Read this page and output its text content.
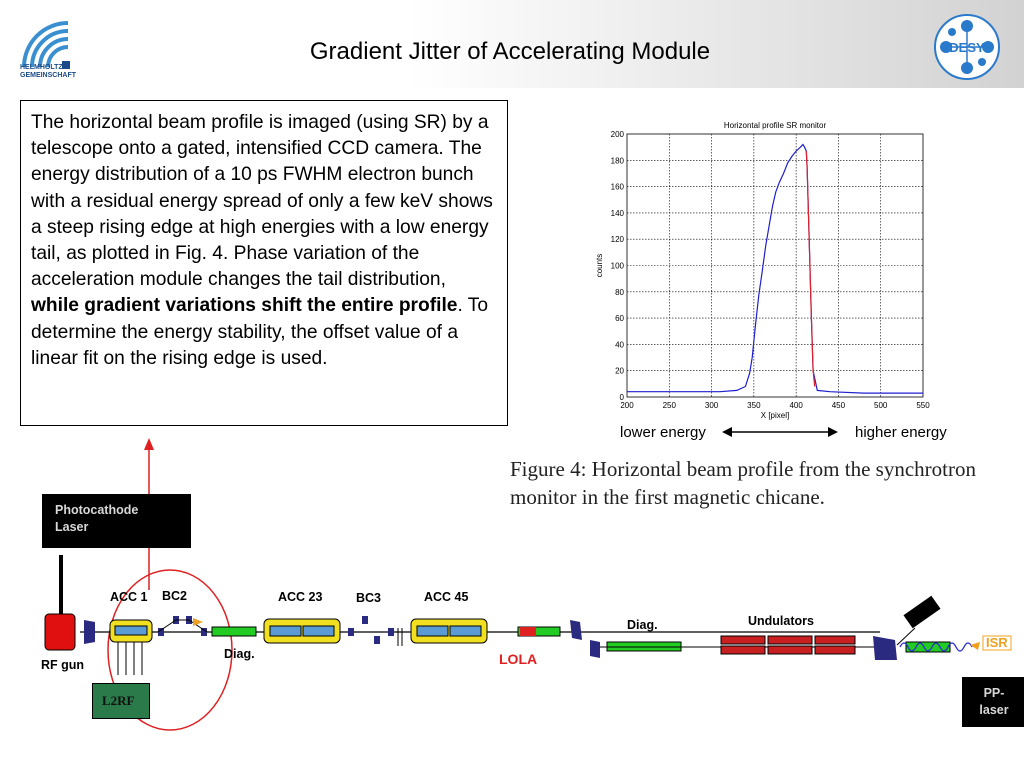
HELMHOLTZ GEMEINSCHAFT
DESY
Gradient Jitter of Accelerating Module
The horizontal beam profile is imaged (using SR) by a telescope onto a gated, intensified CCD camera. The energy distribution of a 10 ps FWHM electron bunch with a residual energy spread of only a few keV shows a steep rising edge at high energies with a low energy tail, as plotted in Fig. 4. Phase variation of the acceleration module changes the tail distribution, while gradient variations shift the entire profile. To determine the energy stability, the offset value of a linear fit on the rising edge is used.
200	250	300	350	400	450	500	550
0
20
40
60
80
100
120
140
160
180
200
Horizontal profile SR monitor
X [pixel]
counts
lower energy	higher energy
Figure 4: Horizontal beam profile from the synchrotron monitor in the first magnetic chicane.
Photocathode Laser
RF gun
ACC 1 BC2
Diag.
ACC 23	BC3	ACC 45
Diag.	Undulators
LOLA
L2RF
ISR
PP-laser
